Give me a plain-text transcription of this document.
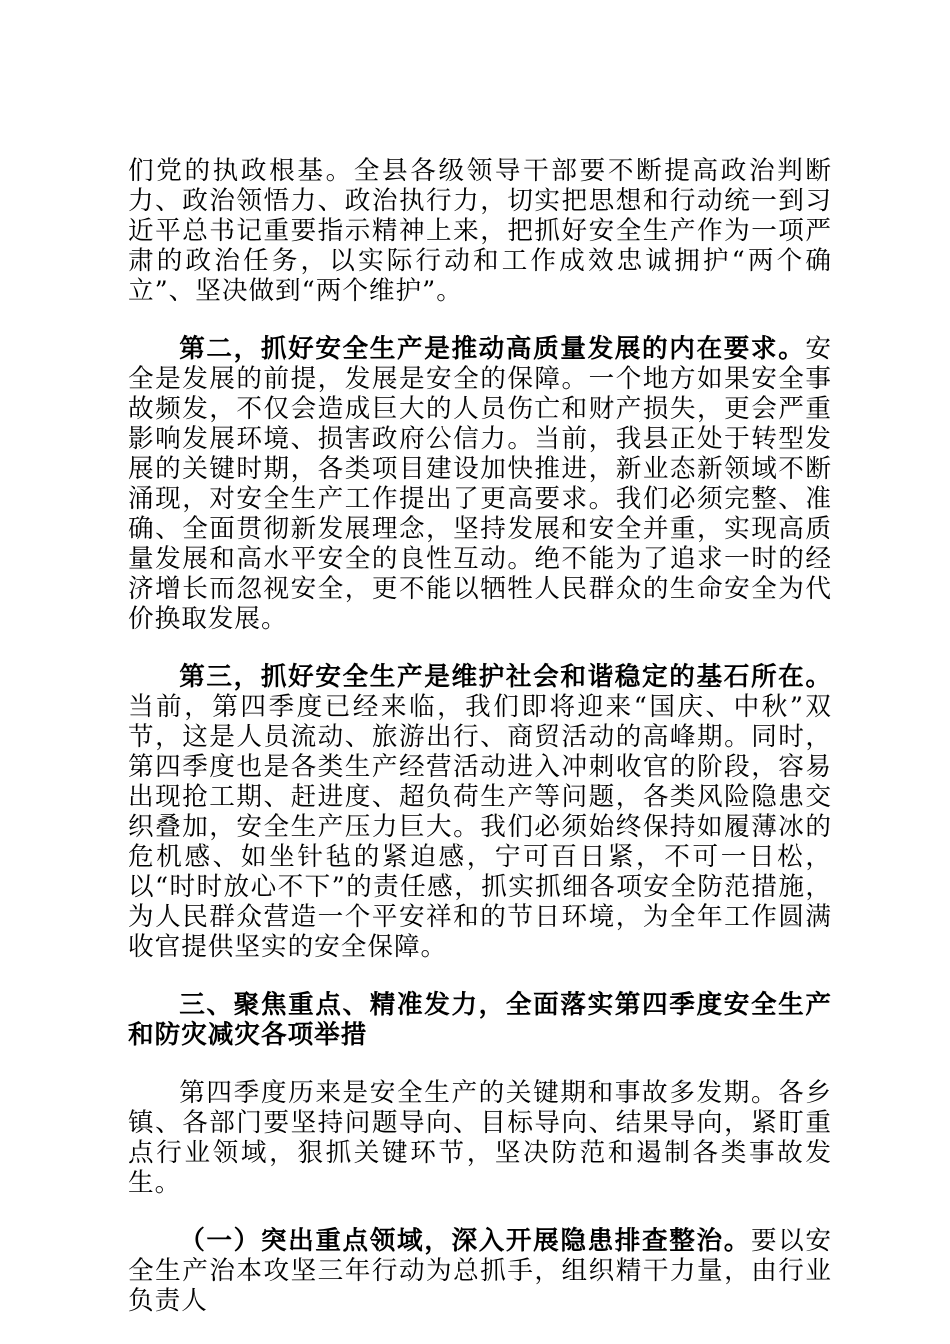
们党的执政根基。全县各级领导干部要不断提高政治判断力、政治领悟力、政治执行力，切实把思想和行动统一到习近平总书记重要指示精神上来，把抓好安全生产作为一项严肃的政治任务，以实际行动和工作成效忠诚拥护“两个确立”、坚决做到“两个维护”。

第二，抓好安全生产是推动高质量发展的内在要求。安全是发展的前提，发展是安全的保障。一个地方如果安全事故频发，不仅会造成巨大的人员伤亡和财产损失，更会严重影响发展环境、损害政府公信力。当前，我县正处于转型发展的关键时期，各类项目建设加快推进，新业态新领域不断涌现，对安全生产工作提出了更高要求。我们必须完整、准确、全面贯彻新发展理念，坚持发展和安全并重，实现高质量发展和高水平安全的良性互动。绝不能为了追求一时的经济增长而忽视安全，更不能以牺牲人民群众的生命安全为代价换取发展。

第三，抓好安全生产是维护社会和谐稳定的基石所在。当前，第四季度已经来临，我们即将迎来“国庆、中秋”双节，这是人员流动、旅游出行、商贸活动的高峰期。同时，第四季度也是各类生产经营活动进入冲刺收官的阶段，容易出现抢工期、赶进度、超负荷生产等问题，各类风险隐患交织叠加，安全生产压力巨大。我们必须始终保持如履薄冰的危机感、如坐针毡的紧迫感，宁可百日紧，不可一日松，以“时时放心不下”的责任感，抓实抓细各项安全防范措施，为人民群众营造一个平安祥和的节日环境，为全年工作圆满收官提供坚实的安全保障。

三、聚焦重点、精准发力，全面落实第四季度安全生产和防灾减灾各项举措

第四季度历来是安全生产的关键期和事故多发期。各乡镇、各部门要坚持问题导向、目标导向、结果导向，紧盯重点行业领域，狠抓关键环节，坚决防范和遏制各类事故发生。

（一）突出重点领域，深入开展隐患排查整治。要以安全生产治本攻坚三年行动为总抓手，组织精干力量，由行业负责人
